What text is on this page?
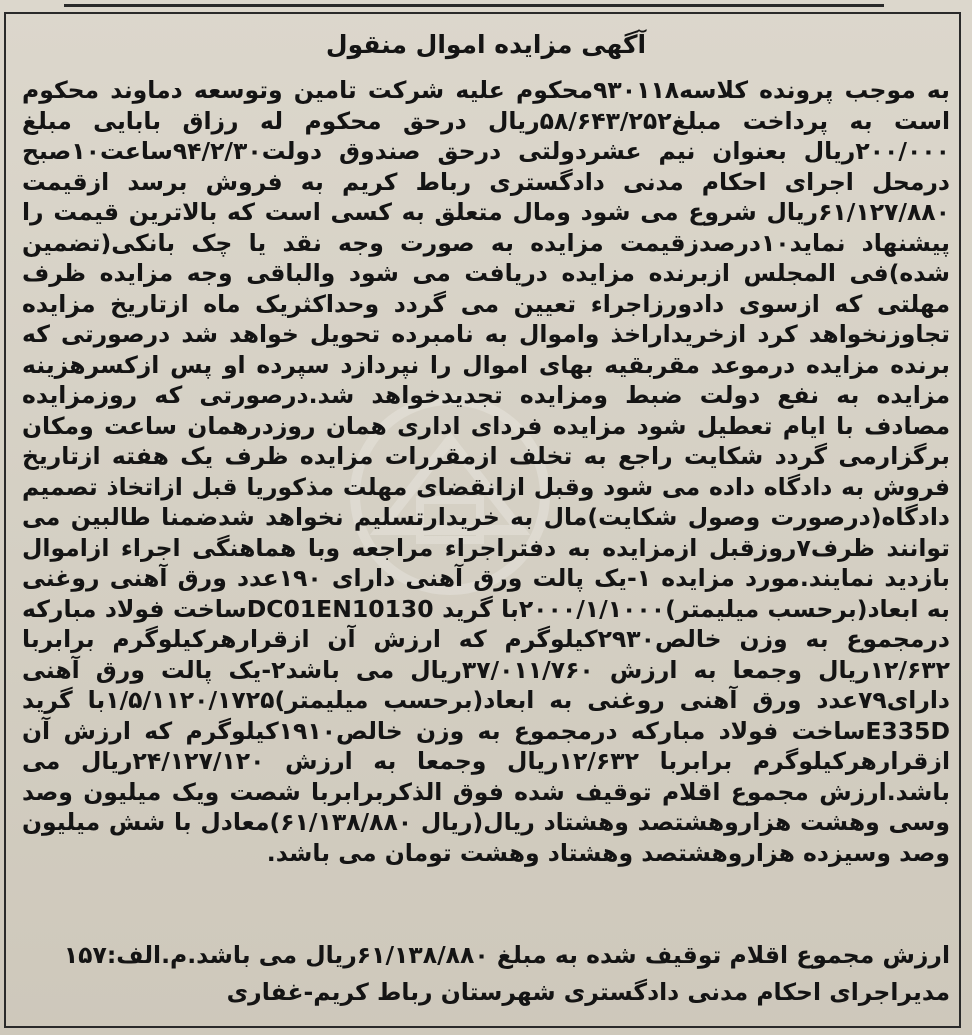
آگهی مزایده اموال منقول

به موجب پرونده کلاسه۹۳۰۱۱۸محکوم علیه شرکت تامین وتوسعه دماوند محکوم است به پرداخت مبلغ۵۸/۶۴۳/۲۵۲ریال درحق محکوم له رزاق بابایی مبلغ ۲۰۰/۰۰۰ریال بعنوان نیم عشردولتی درحق صندوق دولت۹۴/۲/۳۰ساعت۱۰صبح درمحل اجرای احکام مدنی دادگستری رباط کریم به فروش برسد ازقیمت ۶۱/۱۲۷/۸۸۰ریال شروع می شود ومال متعلق به کسی است که بالاترین قیمت را پیشنهاد نماید۱۰درصدزقیمت مزایده به صورت وجه نقد یا چک بانکی(تضمین شده)فی المجلس ازبرنده مزایده دریافت می شود والباقی وجه مزایده ظرف مهلتی که ازسوی دادورزاجراء تعیین می گردد وحداکثریک ماه ازتاریخ مزایده تجاوزنخواهد کرد ازخریداراخذ واموال به نامبرده تحویل خواهد شد درصورتی که برنده مزایده درموعد مقربقیه بهای اموال را نپردازد سپرده او پس ازکسرهزینه مزایده به نفع دولت ضبط ومزایده تجدیدخواهد شد.درصورتی که روزمزایده مصادف با ایام تعطیل شود مزایده فردای اداری همان روزدرهمان ساعت ومکان برگزارمی گردد شکایت راجع به تخلف ازمقررات مزایده ظرف یک هفته ازتاریخ فروش به دادگاه داده می شود وقبل ازانقضای مهلت مذکوریا قبل ازاتخاذ تصمیم دادگاه(درصورت وصول شکایت)مال به خریدارتسلیم نخواهد شدضمنا طالبین می توانند ظرف۷روزقبل ازمزایده به دفتراجراء مراجعه وبا هماهنگی اجراء ازاموال بازدید نمایند.مورد مزایده ۱-یک پالت ورق آهنی دارای ۱۹۰عدد ورق آهنی روغنی به ابعاد(برحسب میلیمتر)۲۰۰۰/۱/۱۰۰۰با گرید DC01EN10130ساخت فولاد مبارکه درمجموع به وزن خالص۲۹۳۰کیلوگرم که ارزش آن ازقرارهرکیلوگرم برابربا ۱۲/۶۳۲ریال وجمعا به ارزش ۳۷/۰۱۱/۷۶۰ریال می باشد۲-یک پالت ورق آهنی دارای۷۹عدد ورق آهنی روغنی به ابعاد(برحسب میلیمتر)۱/۵/۱۱۲۰/۱۷۲۵با گرید E335Dساخت فولاد مبارکه درمجموع به وزن خالص۱۹۱۰کیلوگرم که ارزش آن ازقرارهرکیلوگرم برابربا ۱۲/۶۳۲ریال وجمعا به ارزش ۲۴/۱۲۷/۱۲۰ریال می باشد.ارزش مجموع اقلام توقیف شده فوق الذکربرابربا شصت ویک میلیون وصد وسی وهشت هزاروهشتصد وهشتاد ریال(ریال ۶۱/۱۳۸/۸۸۰)معادل با شش میلیون وصد وسیزده هزاروهشتصد وهشتاد وهشت تومان می باشد.

ارزش مجموع اقلام توقیف شده به مبلغ ۶۱/۱۳۸/۸۸۰ریال می باشد.م.الف:۱۵۷

مدیراجرای احکام مدنی دادگستری شهرستان رباط کریم-غفاری
